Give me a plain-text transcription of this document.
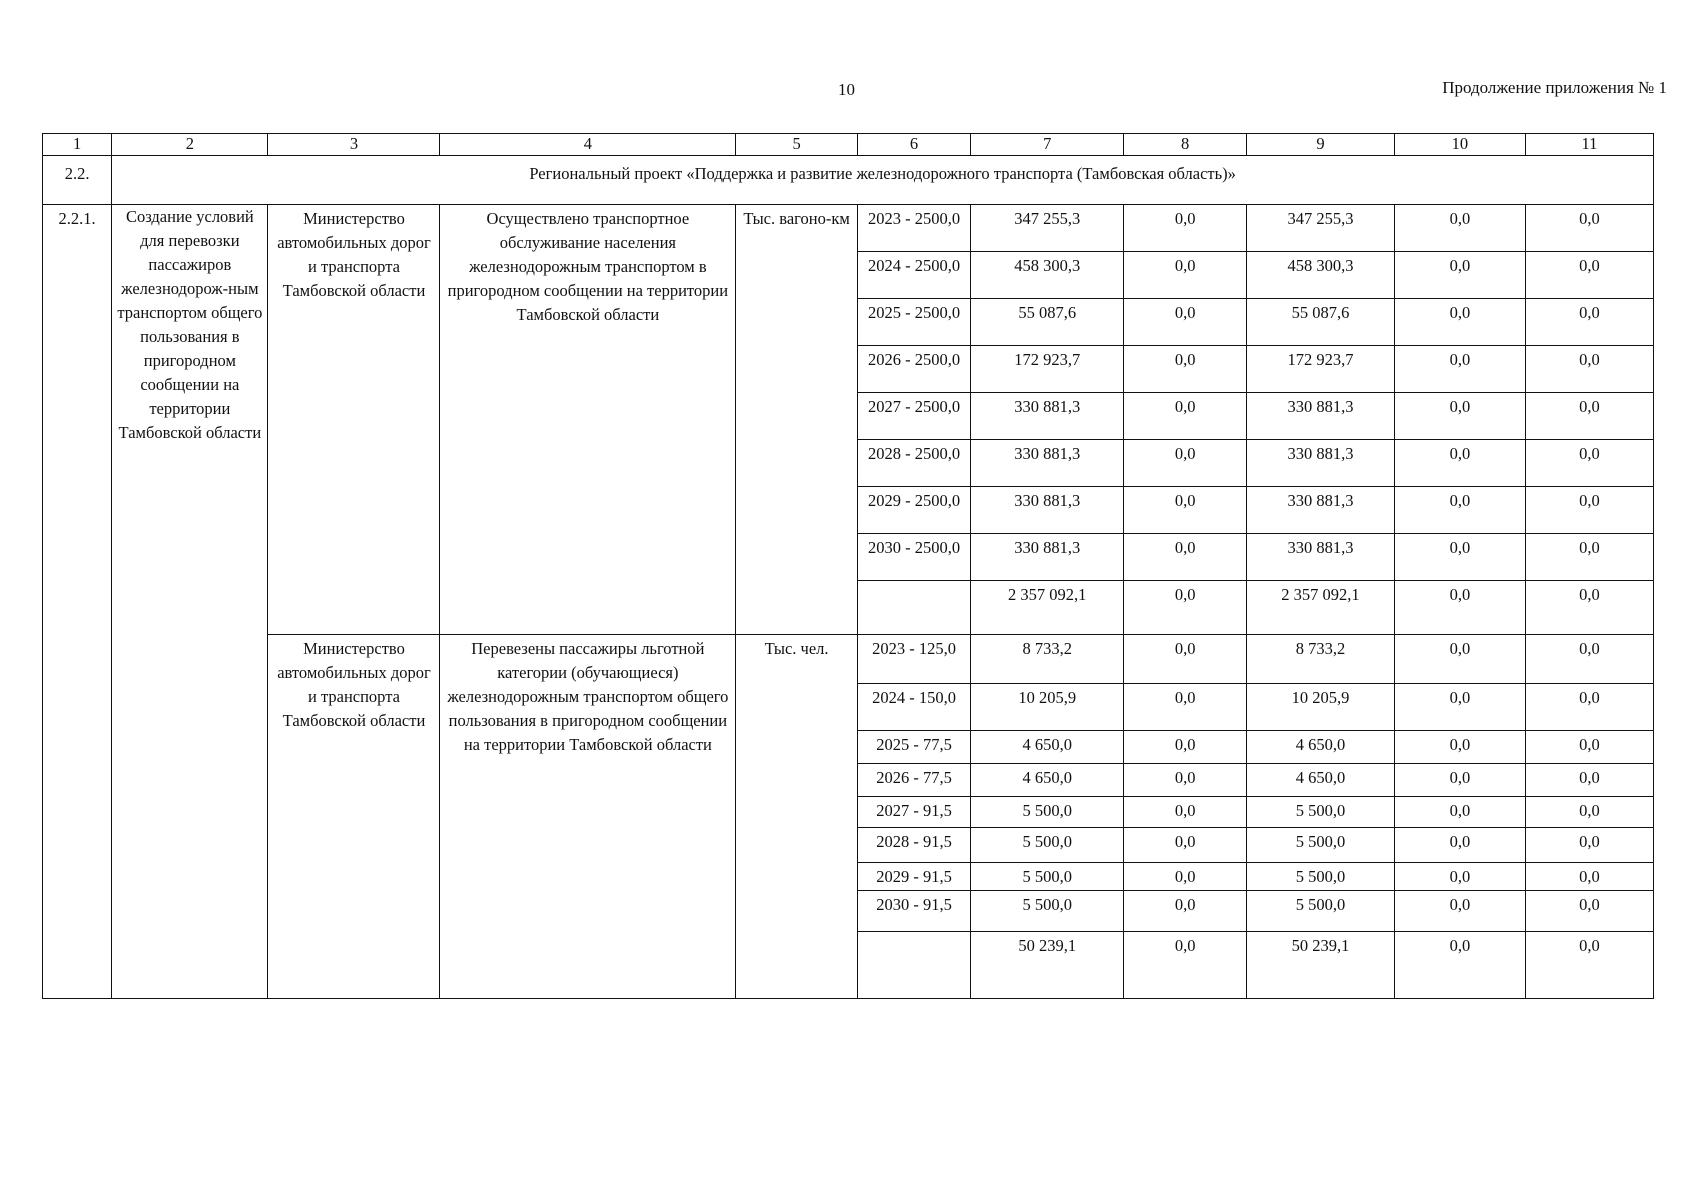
10	Продолжение приложения № 1
1	2	3	4	5	6	7	8	9	10	11
2.2.	Региональный проект «Поддержка и развитие железнодорожного транспорта (Тамбовская область)»									
2.2.1.	Создание условий для перевозки пассажиров железнодорож-ным транспортом общего пользования в пригородном сообщении на территории Тамбовской области	Министерство автомобильных дорог и транспорта Тамбовской области	Осуществлено транспортное обслуживание населения железнодорожным транспортом в пригородном сообщении на территории Тамбовской области	Тыс. вагоно-км	2023 - 2500,0	347 255,3	0,0	347 255,3	0,0	0,0
					2024 - 2500,0	458 300,3	0,0	458 300,3	0,0	0,0
					2025 - 2500,0	55 087,6	0,0	55 087,6	0,0	0,0
					2026 - 2500,0	172 923,7	0,0	172 923,7	0,0	0,0
					2027 - 2500,0	330 881,3	0,0	330 881,3	0,0	0,0
					2028 - 2500,0	330 881,3	0,0	330 881,3	0,0	0,0
					2029 - 2500,0	330 881,3	0,0	330 881,3	0,0	0,0
					2030 - 2500,0	330 881,3	0,0	330 881,3	0,0	0,0
						2 357 092,1	0,0	2 357 092,1	0,0	0,0
		Министерство автомобильных дорог и транспорта Тамбовской области	Перевезены пассажиры льготной категории (обучающиеся) железнодорожным транспортом общего пользования в пригородном сообщении на территории Тамбовской области	Тыс. чел.	2023 - 125,0	8 733,2	0,0	8 733,2	0,0	0,0
					2024 - 150,0	10 205,9	0,0	10 205,9	0,0	0,0
					2025 - 77,5	4 650,0	0,0	4 650,0	0,0	0,0
					2026 - 77,5	4 650,0	0,0	4 650,0	0,0	0,0
					2027 - 91,5	5 500,0	0,0	5 500,0	0,0	0,0
					2028 - 91,5	5 500,0	0,0	5 500,0	0,0	0,0
					2029 - 91,5	5 500,0	0,0	5 500,0	0,0	0,0
					2030 - 91,5	5 500,0	0,0	5 500,0	0,0	0,0
						50 239,1	0,0	50 239,1	0,0	0,0
